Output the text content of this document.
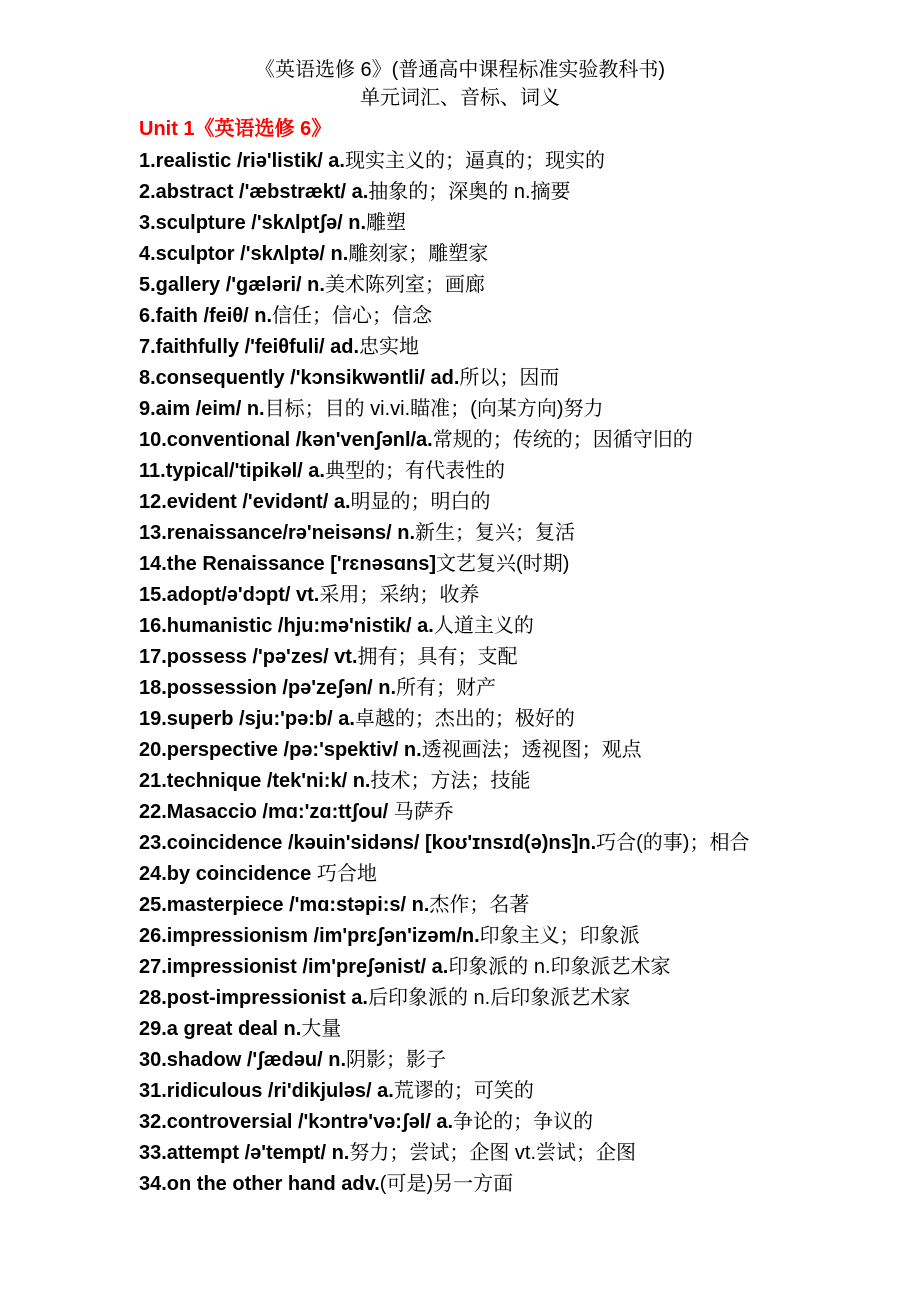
《英语选修 6》(普通高中课程标准实验教科书)
单元词汇、音标、词义
Unit 1《英语选修 6》
1.realistic /riə'listik/ a.现实主义的；逼真的；现实的
2.abstract /'æbstrækt/ a.抽象的；深奥的 n.摘要
3.sculpture /'skʌlptʃə/ n.雕塑
4.sculptor /'skʌlptə/ n.雕刻家；雕塑家
5.gallery /'gæləri/ n.美术陈列室；画廊
6.faith /feiθ/ n.信任；信心；信念
7.faithfully /'feiθfuli/ ad.忠实地
8.consequently /'kɔnsikwəntli/ ad.所以；因而
9.aim /eim/ n.目标；目的 vi.vi.瞄准；(向某方向)努力
10.conventional /kən'venʃənl/a.常规的；传统的；因循守旧的
11.typical/'tipikəl/ a.典型的；有代表性的
12.evident /'evidənt/ a.明显的；明白的
13.renaissance/rə'neisəns/ n.新生；复兴；复活
14.the Renaissance ['rɛnəsɑns]文艺复兴(时期)
15.adopt/ə'dɔpt/ vt.采用；采纳；收养
16.humanistic /hju:mə'nistik/ a.人道主义的
17.possess /'pə'zes/ vt.拥有；具有；支配
18.possession /pə'zeʃən/ n.所有；财产
19.superb /sju:'pə:b/ a.卓越的；杰出的；极好的
20.perspective /pə:'spektiv/ n.透视画法；透视图；观点
21.technique /tek'ni:k/ n.技术；方法；技能
22.Masaccio /mɑ:'zɑ:ttʃou/ 马萨乔
23.coincidence /kəuin'sidəns/ [koʊ'ɪnsɪd(ə)ns]n.巧合(的事)；相合
24.by coincidence 巧合地
25.masterpiece /'mɑ:stəpi:s/ n.杰作；名著
26.impressionism /im'prɛʃən'izəm/n.印象主义；印象派
27.impressionist /im'preʃənist/ a.印象派的 n.印象派艺术家
28.post-impressionist a.后印象派的 n.后印象派艺术家
29.a great deal n.大量
30.shadow /'ʃædəu/ n.阴影；影子
31.ridiculous /ri'dikjuləs/ a.荒谬的；可笑的
32.controversial /'kɔntrə'və:ʃəl/ a.争论的；争议的
33.attempt /ə'tempt/ n.努力；尝试；企图 vt.尝试；企图
34.on the other hand adv.(可是)另一方面
